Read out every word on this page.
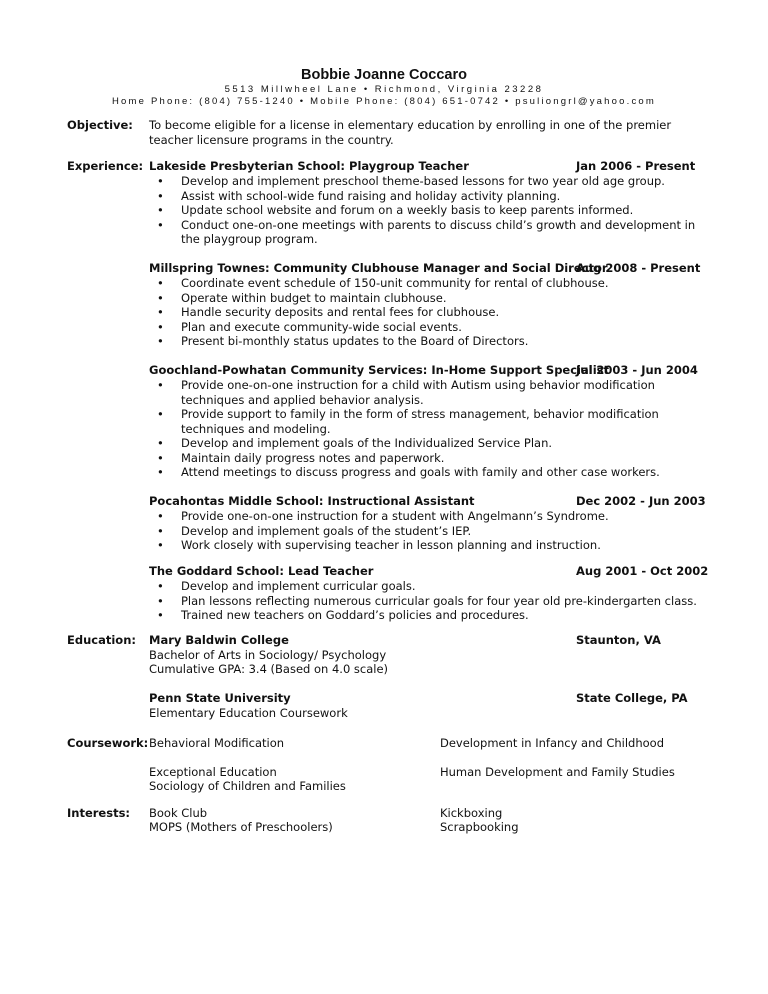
Bobbie Joanne Coccaro
5513 Millwheel Lane • Richmond, Virginia 23228
Home Phone: (804) 755-1240 • Mobile Phone: (804) 651-0742 • psuliongrl@yahoo.com
Objective: To become eligible for a license in elementary education by enrolling in one of the premier
teacher licensure programs in the country.
Experience: Lakeside Presbyterian School: Playgroup Teacher	Jan 2006 - Present
• Develop and implement preschool theme-based lessons for two year old age group.
• Assist with school-wide fund raising and holiday activity planning.
• Update school website and forum on a weekly basis to keep parents informed.
• Conduct one-on-one meetings with parents to discuss child’s growth and development in the playgroup program.
Millspring Townes: Community Clubhouse Manager and Social Director
Aug 2008 - Present
• Coordinate event schedule of 150-unit community for rental of clubhouse.
• Operate within budget to maintain clubhouse.
• Handle security deposits and rental fees for clubhouse.
• Plan and execute community-wide social events.
• Present bi-monthly status updates to the Board of Directors.
Goochland-Powhatan Community Services: In-Home Support Specialist
Jul 2003 - Jun 2004
• Provide one-on-one instruction for a child with Autism using behavior modification techniques and applied behavior analysis.
• Provide support to family in the form of stress management, behavior modification techniques and modeling.
• Develop and implement goals of the Individualized Service Plan.
• Maintain daily progress notes and paperwork.
• Attend meetings to discuss progress and goals with family and other case workers.
Pocahontas Middle School: Instructional Assistant	Dec 2002 - Jun 2003
• Provide one-on-one instruction for a student with Angelmann’s Syndrome.
• Develop and implement goals of the student’s IEP.
• Work closely with supervising teacher in lesson planning and instruction.
The Goddard School: Lead Teacher	Aug 2001 - Oct 2002
• Develop and implement curricular goals.
• Plan lessons reflecting numerous curricular goals for four year old pre-kindergarten class.
• Trained new teachers on Goddard’s policies and procedures.
Education: Mary Baldwin College	Staunton, VA
Bachelor of Arts in Sociology/ Psychology
Cumulative GPA: 3.4 (Based on 4.0 scale)
Penn State University	State College, PA
Elementary Education Coursework
Coursework: Behavioral Modification	Development in Infancy and Childhood
Exceptional Education	Human Development and Family Studies
Sociology of Children and Families
Interests: Book Club	Kickboxing
MOPS (Mothers of Preschoolers)	Scrapbooking
